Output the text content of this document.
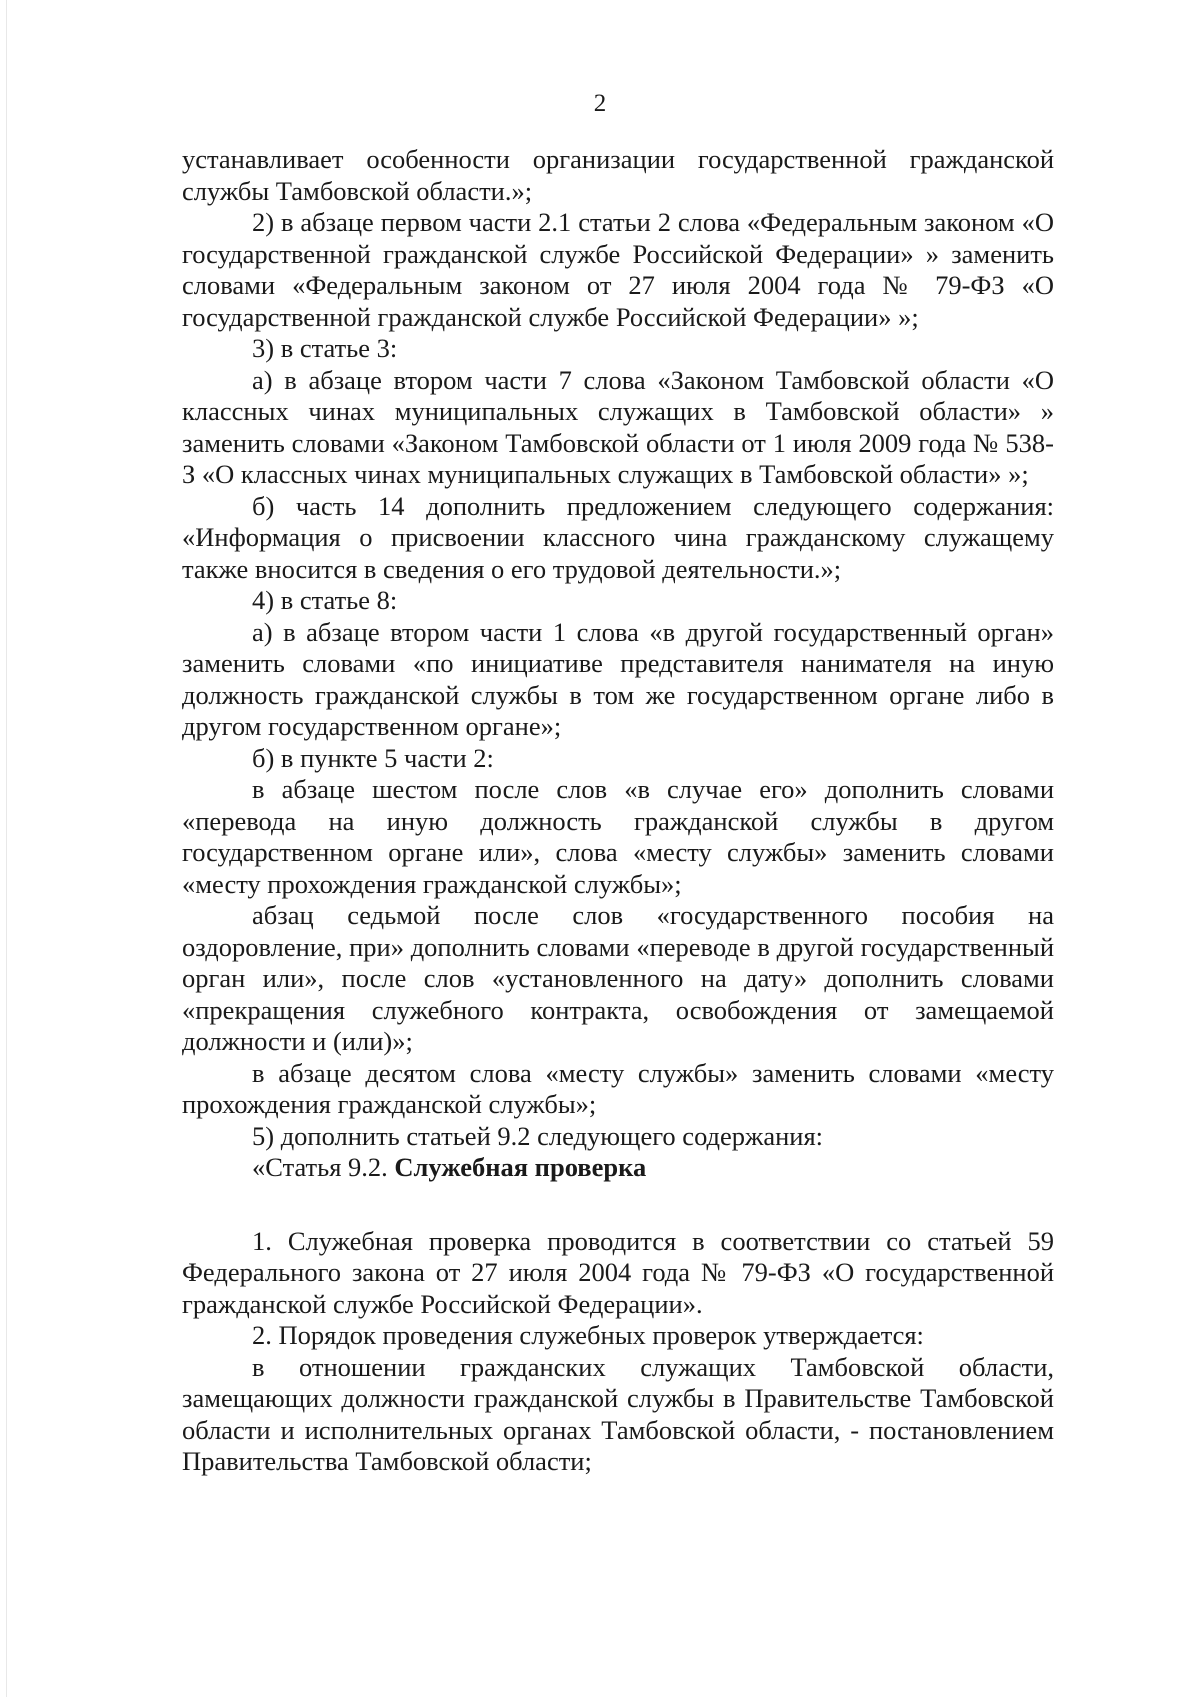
2

устанавливает особенности организации государственной гражданской службы Тамбовской области.»;

2) в абзаце первом части 2.1 статьи 2 слова «Федеральным законом «О государственной гражданской службе Российской Федерации» » заменить словами «Федеральным законом от 27 июля 2004 года № 79-ФЗ «О государственной гражданской службе Российской Федерации» »;

3) в статье 3:

а) в абзаце втором части 7 слова «Законом Тамбовской области «О классных чинах муниципальных служащих в Тамбовской области» » заменить словами «Законом Тамбовской области от 1 июля 2009 года № 538-З «О классных чинах муниципальных служащих в Тамбовской области» »;

б) часть 14 дополнить предложением следующего содержания: «Информация о присвоении классного чина гражданскому служащему также вносится в сведения о его трудовой деятельности.»;

4) в статье 8:

а) в абзаце втором части 1 слова «в другой государственный орган» заменить словами «по инициативе представителя нанимателя на иную должность гражданской службы в том же государственном органе либо в другом государственном органе»;

б) в пункте 5 части 2:

в абзаце шестом после слов «в случае его» дополнить словами «перевода на иную должность гражданской службы в другом государственном органе или», слова «месту службы» заменить словами «месту прохождения гражданской службы»;

абзац седьмой после слов «государственного пособия на оздоровление, при» дополнить словами «переводе в другой государственный орган или», после слов «установленного на дату» дополнить словами «прекращения служебного контракта, освобождения от замещаемой должности и (или)»;

в абзаце десятом слова «месту службы» заменить словами «месту прохождения гражданской службы»;

5) дополнить статьей 9.2 следующего содержания:

«Статья 9.2. Служебная проверка

1. Служебная проверка проводится в соответствии со статьей 59 Федерального закона от 27 июля 2004 года № 79-ФЗ «О государственной гражданской службе Российской Федерации».

2. Порядок проведения служебных проверок утверждается:

в отношении гражданских служащих Тамбовской области, замещающих должности гражданской службы в Правительстве Тамбовской области и исполнительных органах Тамбовской области, - постановлением Правительства Тамбовской области;
